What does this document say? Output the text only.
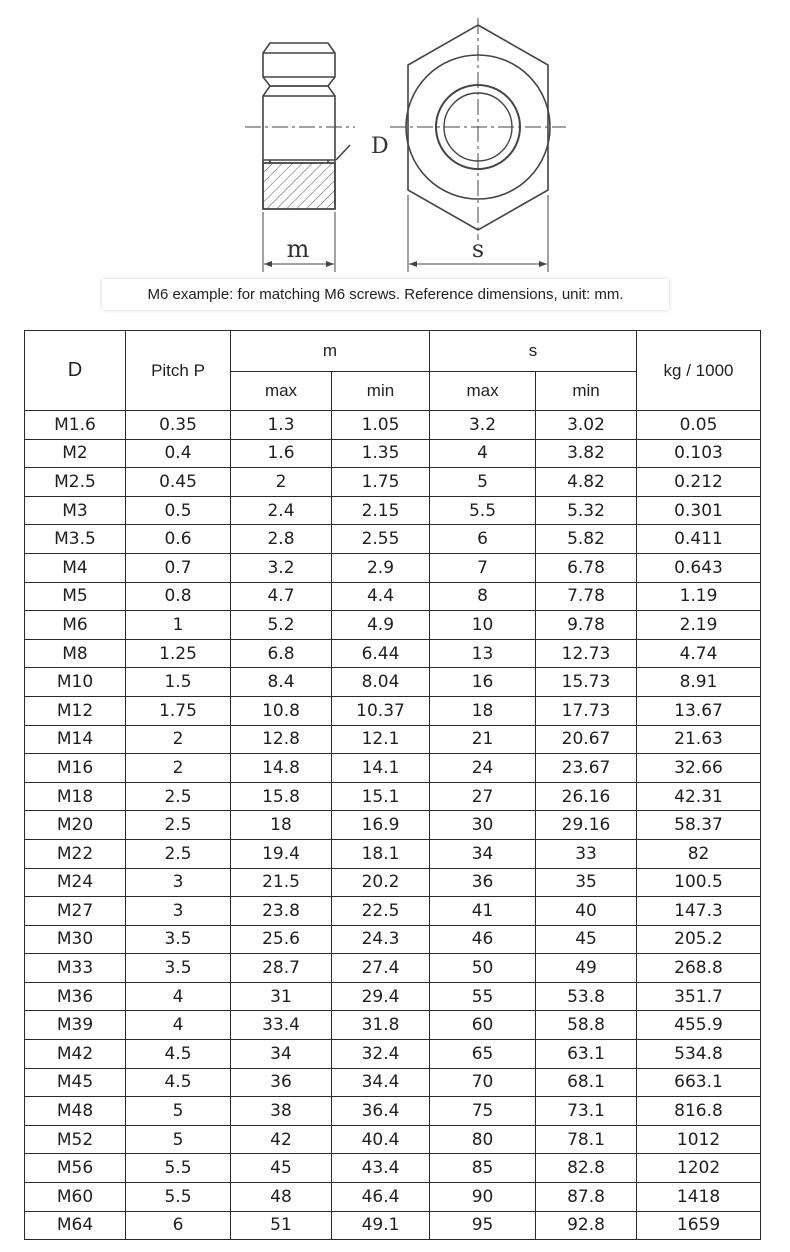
D
m	s
M6 example: for matching M6 screws. Reference dimensions, unit: mm.
D	Pitch P	m		s		kg / 1000
		max	min	max	min	
M1.6	0.35	1.3	1.05	3.2	3.02	0.05
M2	0.4	1.6	1.35	4	3.82	0.103
M2.5	0.45	2	1.75	5	4.82	0.212
M3	0.5	2.4	2.15	5.5	5.32	0.301
M3.5	0.6	2.8	2.55	6	5.82	0.411
M4	0.7	3.2	2.9	7	6.78	0.643
M5	0.8	4.7	4.4	8	7.78	1.19
M6	1	5.2	4.9	10	9.78	2.19
M8	1.25	6.8	6.44	13	12.73	4.74
M10	1.5	8.4	8.04	16	15.73	8.91
M12	1.75	10.8	10.37	18	17.73	13.67
M14	2	12.8	12.1	21	20.67	21.63
M16	2	14.8	14.1	24	23.67	32.66
M18	2.5	15.8	15.1	27	26.16	42.31
M20	2.5	18	16.9	30	29.16	58.37
M22	2.5	19.4	18.1	34	33	82
M24	3	21.5	20.2	36	35	100.5
M27	3	23.8	22.5	41	40	147.3
M30	3.5	25.6	24.3	46	45	205.2
M33	3.5	28.7	27.4	50	49	268.8
M36	4	31	29.4	55	53.8	351.7
M39	4	33.4	31.8	60	58.8	455.9
M42	4.5	34	32.4	65	63.1	534.8
M45	4.5	36	34.4	70	68.1	663.1
M48	5	38	36.4	75	73.1	816.8
M52	5	42	40.4	80	78.1	1012
M56	5.5	45	43.4	85	82.8	1202
M60	5.5	48	46.4	90	87.8	1418
M64	6	51	49.1	95	92.8	1659
